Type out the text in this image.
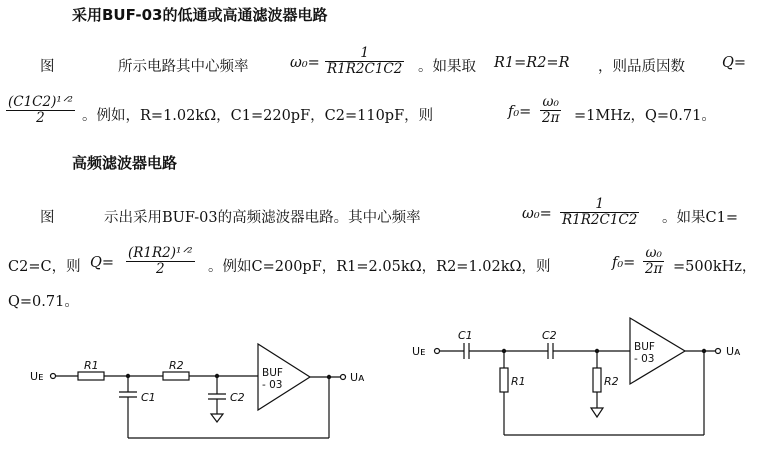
采用BUF-03的低通或高通滤波器电路
图	所示电路其中心频率	$\omega_0= \frac{1}{R1R2C1C2}$ 。如果取 R1=R2=R ，则品质因数	Q=
(C1C2)¹ᐟ²
2	。例如，R=1.02kΩ，C1=220pF，C2=110pF，则	$f_0= \frac{\text{ω₀}}{2\pi} =1MHz$，Q=0.71。
高频滤波器电路
图	示出采用BUF-03的高频滤波器电路。其中心频率	$\omega_0= \frac{1}{R1R2C1C2}$ 。如果C1=
C2=C，则 Q=
(R1R2)¹ᐟ²
2	。例如C=200pF，R1=2.05kΩ，R2=1.02kΩ，则	$f_0= \frac{\text{ω₀}}{2\pi} =500kHz$，
Q=0.71。
Uᴇ
R1	R2
C1	C2
BUF
- 03
Uᴀ
Uᴇ
C1	C2
R1	R2
BUF
- 03
Uᴀ
